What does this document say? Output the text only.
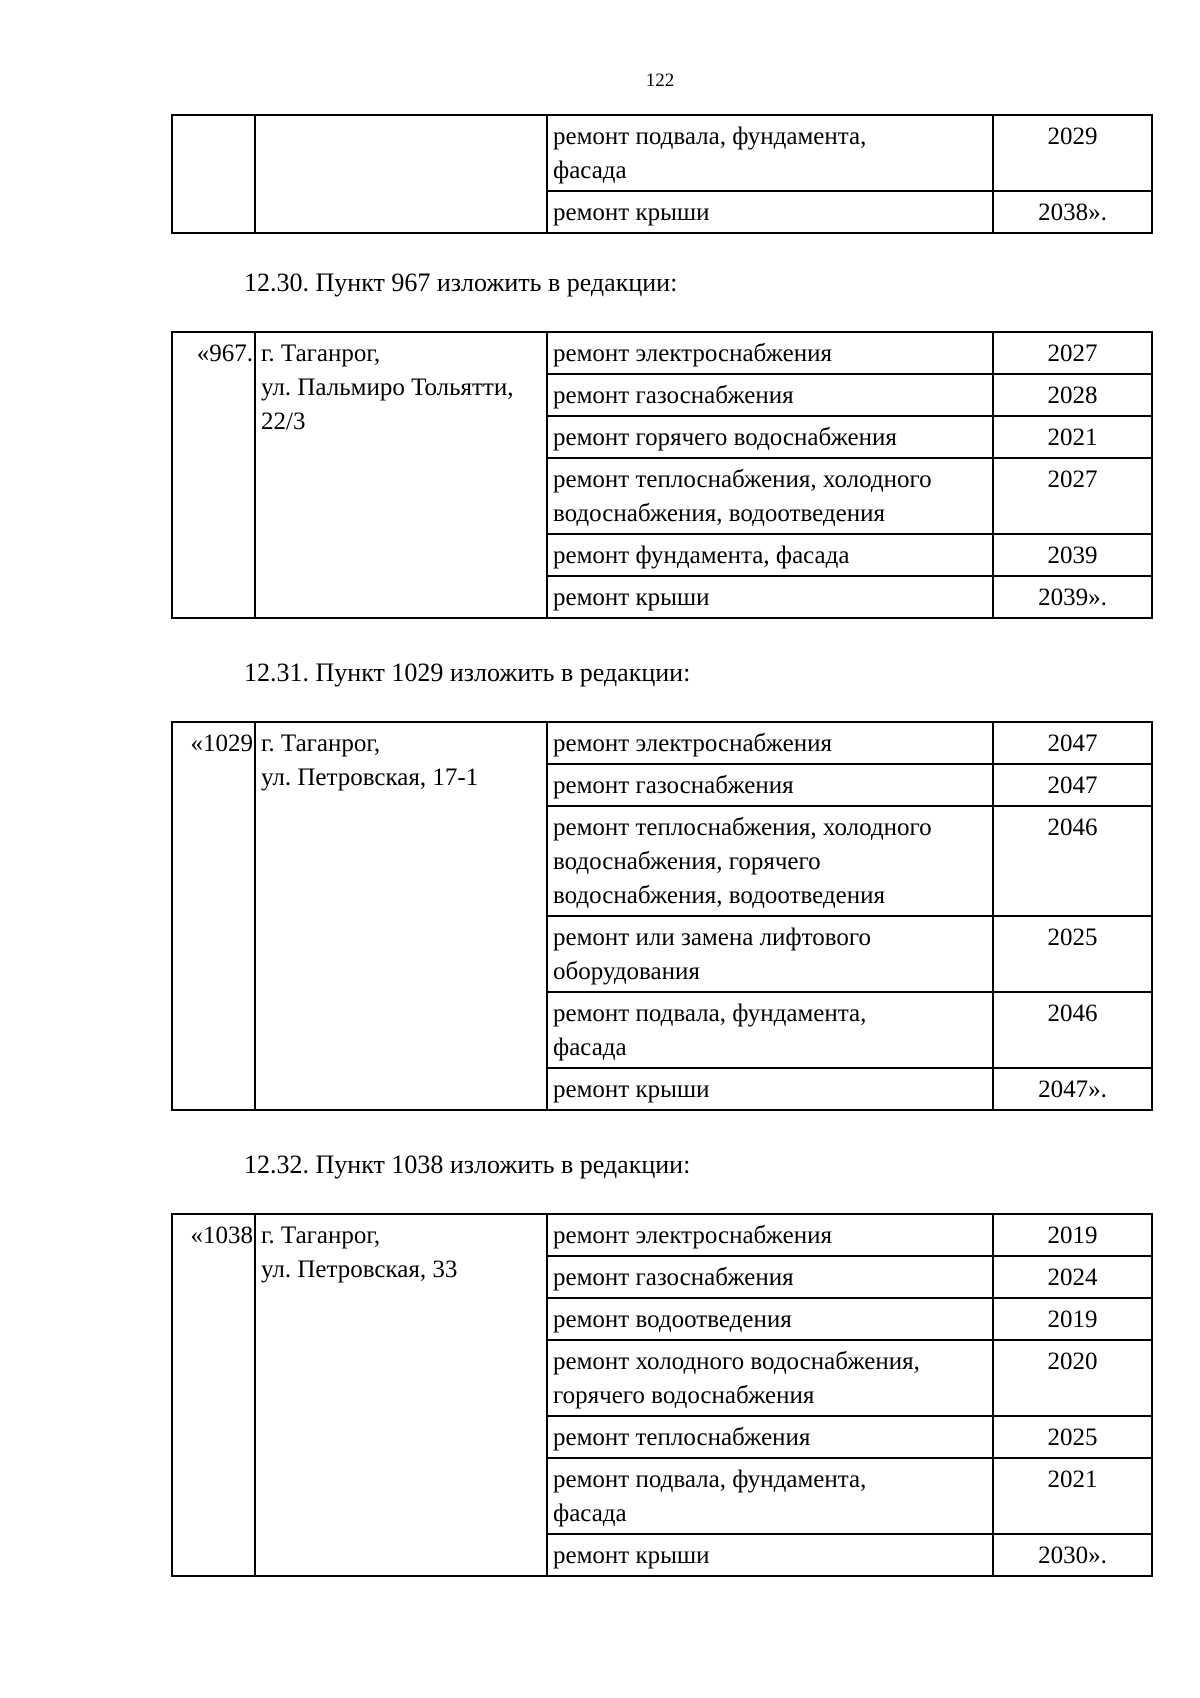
122

		ремонт подвала, фундамента,
фасада	2029

		ремонт крыши	2038».
12.30. Пункт 967 изложить в редакции:
«967.	г. Таганрог,
ул. Пальмиро Тольятти,
22/3	ремонт электроснабжения	2027

		ремонт газоснабжения	2028

		ремонт горячего водоснабжения	2021

		ремонт теплоснабжения, холодного
водоснабжения, водоотведения	2027

		ремонт фундамента, фасада	2039

		ремонт крыши	2039».
12.31. Пункт 1029 изложить в редакции:
«1029	г. Таганрог,
ул. Петровская, 17-1	ремонт электроснабжения	2047

		ремонт газоснабжения	2047

		ремонт теплоснабжения, холодного
водоснабжения, горячего
водоснабжения, водоотведения	2046

		ремонт или замена лифтового
оборудования	2025

		ремонт подвала, фундамента,
фасада	2046

		ремонт крыши	2047».
12.32. Пункт 1038 изложить в редакции:
«1038	г. Таганрог,
ул. Петровская, 33	ремонт электроснабжения	2019

		ремонт газоснабжения	2024

		ремонт водоотведения	2019

		ремонт холодного водоснабжения,
горячего водоснабжения	2020

		ремонт теплоснабжения	2025

		ремонт подвала, фундамента,
фасада	2021

		ремонт крыши	2030».
